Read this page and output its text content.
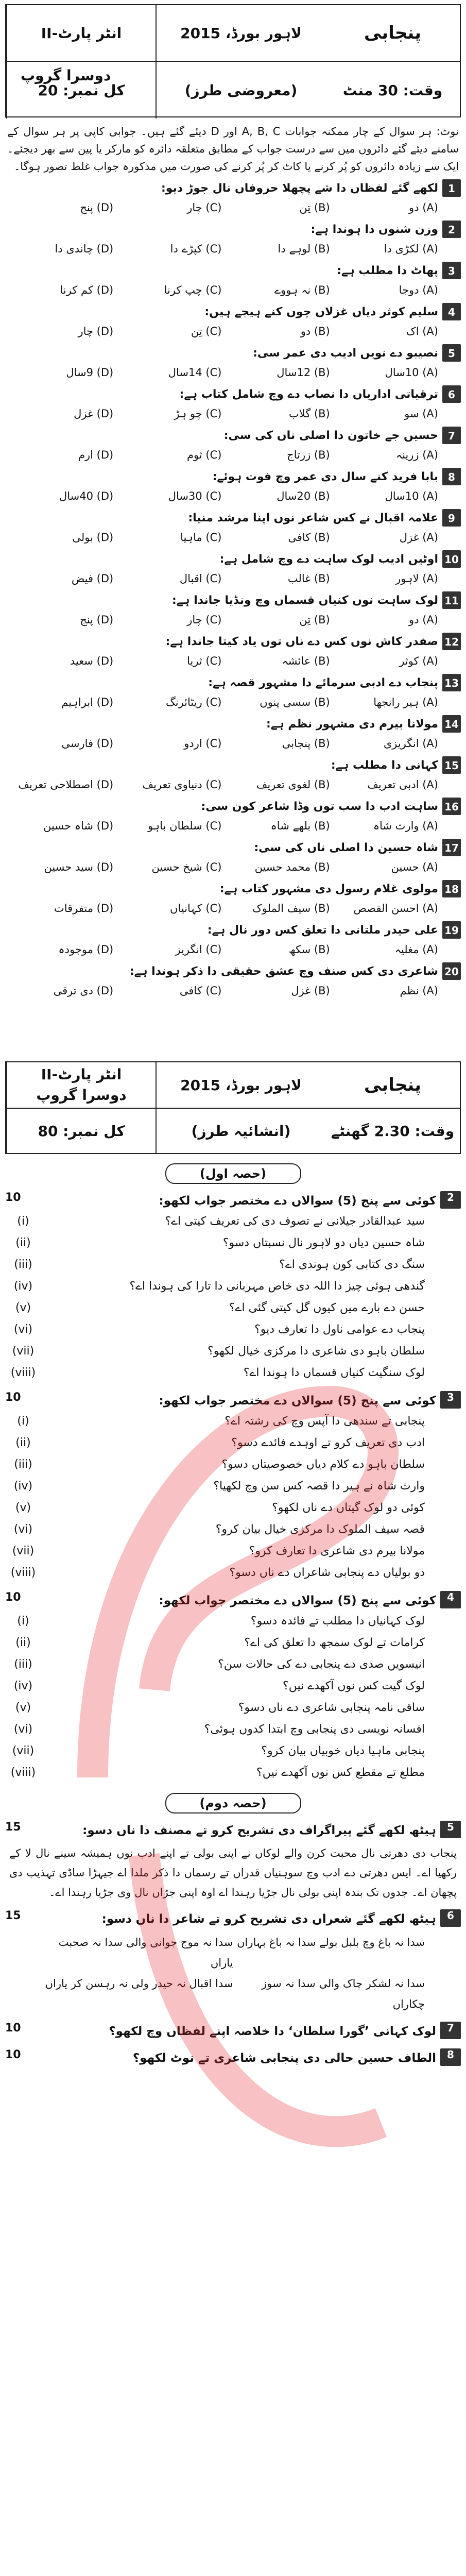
انٹر پارٹ-II
کل نمبر: 20
لاہور بورڈ، 2015
(معروضی طرز)
پنجابی
وقت: 30 منٹ
دوسرا گروپ
نوٹ: ہر سوال کے چار ممکنہ جوابات A, B, C اور D دیئے گئے ہیں۔ جوابی کاپی پر ہر سوال کے سامنے دیئے گئے دائروں میں سے درست جواب کے مطابق متعلقہ دائرہ کو مارکر یا پین سے بھر دیجئے۔ ایک سے زیادہ دائروں کو پُر کرنے یا کاٹ کر پُر کرنے کی صورت میں مذکورہ جواب غلط تصور ہوگا۔
1
لکھے گئے لفظاں دا شے پچھلا حروفاں نال جوڑ دیو:
(A) دو
(B) تِن
(C) چار
(D) پنج
2
وزن شنوں دا ہوندا ہے:
(A) لکڑی دا
(B) لوہے دا
(C) کپڑے دا
(D) چاندی دا
3
پھاٹ دا مطلب ہے:
(A) دوجا
(B) نہ ہووے
(C) چپ کرنا
(D) کم کرنا
4
سلیم کوثر دیاں غزلاں چوں کنے ہیجے ہیں:
(A) اک
(B) دو
(C) تِن
(D) چار
5
نصیبو دے نویں ادیب دی عمر سی:
(A) 10سال
(B) 12سال
(C) 14سال
(D) 9سال
6
ترقیاتی اداریاں دا نصاب دے وچ شامل کتاب ہے:
(A) سو
(B) گلاب
(C) چو ہڑ
(D) غزل
7
حسیں جے خاتون دا اصلی ناں کی سی:
(A) زرینہ
(B) زرتاج
(C) ثوم
(D) ارم
8
بابا فرید کنے سال دی عمر وچ فوت ہوئے:
(A) 10سال
(B) 20سال
(C) 30سال
(D) 40سال
9
علامہ اقبال نے کس شاعر نوں اپنا مرشد منیا:
(A) غزل
(B) کافی
(C) ماہیا
(D) بولی
10
اوٹیں ادیب لوک ساہت دے وچ شامل ہے:
(A) لاہور
(B) غالب
(C) اقبال
(D) فیض
11
لوک ساہت نوں کنیاں قسماں وچ ونڈیا جاندا ہے:
(A) دو
(B) تِن
(C) چار
(D) پنج
12
صفدر کاش نوں کس دے ناں توں یاد کیتا جاندا ہے:
(A) کوثر
(B) عائشہ
(C) ثریا
(D) سعید
13
پنجاب دے ادبی سرمائے دا مشہور قصہ ہے:
(A) ہیر رانجھا
(B) سسی پنوں
(C) ریٹائرنگ
(D) ابراہیم
14
مولانا بیرم دی مشہور نظم ہے:
(A) انگریزی
(B) پنجابی
(C) اردو
(D) فارسی
15
کہانی دا مطلب ہے:
(A) ادبی تعریف
(B) لغوی تعریف
(C) دنیاوی تعریف
(D) اصطلاحی تعریف
16
ساہت ادب دا سب توں وڈا شاعر کون سی:
(A) وارث شاہ
(B) بلھے شاہ
(C) سلطان باہو
(D) شاہ حسین
17
شاہ حسین دا اصلی ناں کی سی:
(A) حسین
(B) محمد حسین
(C) شیخ حسین
(D) سید حسین
18
مولوی غلام رسول دی مشہور کتاب ہے:
(A) احسن القصص
(B) سیف الملوک
(C) کہانیاں
(D) متفرقات
19
علی حیدر ملتانی دا تعلق کس دور نال ہے:
(A) مغلیہ
(B) سکھ
(C) انگریز
(D) موجودہ
20
شاعری دی کس صنف وچ عشق حقیقی دا ذکر ہوندا ہے:
(A) نظم
(B) غزل
(C) کافی
(D) دی ترقی
انٹر پارٹ-II
دوسرا گروپ
کل نمبر: 80
لاہور بورڈ، 2015
(انشائیہ طرز)
پنجابی
وقت: 2.30 گھنٹے
(حصہ اول)
2
کوئی سے پنج (5) سوالاں دے مختصر جواب لکھو:
10
سید عبدالقادر جیلانی نے تصوف دی کی تعریف کیتی اے؟
(i)
شاہ حسین دیاں دو لاہور نال نسبتاں دسو؟
(ii)
سنگ دی کتابی کون ہوندی اے؟
(iii)
گندھی ہوئی چیز دا اللہ دی خاص مہربانی دا تارا کی ہوندا اے؟
(iv)
حسن دے بارے میں کیوں گل کیتی گئی اے؟
(v)
پنجاب دے عوامی ناول دا تعارف دیو؟
(vi)
سلطان باہو دی شاعری دا مرکزی خیال لکھو؟
(vii)
لوک سنگیت کنیاں قسماں دا ہوندا اے؟
(viii)
3
کوئی سے پنج (5) سوالاں دے مختصر جواب لکھو:
10
پنجابی تے سندھی دا آپس وچ کی رشتہ اے؟
(i)
ادب دی تعریف کرو تے اوہدے فائدے دسو؟
(ii)
سلطان باہو دے کلام دیاں خصوصیتاں دسو؟
(iii)
وارث شاہ نے ہیر دا قصہ کس سن وچ لکھیا؟
(iv)
کوئی دو لوک گیتاں دے ناں لکھو؟
(v)
قصہ سیف الملوک دا مرکزی خیال بیان کرو؟
(vi)
مولانا بیرم دی شاعری دا تعارف کرو؟
(vii)
دو بولیاں دے پنجابی شاعراں دے ناں دسو؟
(viii)
4
کوئی سے پنج (5) سوالاں دے مختصر جواب لکھو:
10
لوک کہانیاں دا مطلب تے فائدہ دسو؟
(i)
کرامات تے لوک سمجھ دا تعلق کی اے؟
(ii)
انیسویں صدی دے پنجابی دے کی حالات سن؟
(iii)
لوک گیت کس نوں آکھدے نیں؟
(iv)
ساقی نامہ پنجابی شاعری دے ناں دسو؟
(v)
افسانہ نویسی دی پنجابی وچ ابتدا کدوں ہوئی؟
(vi)
پنجابی ماہیا دیاں خوبیاں بیان کرو؟
(vii)
مطلع تے مقطع کس نوں آکھدے نیں؟
(viii)
(حصہ دوم)
5
ہیٹھ لکھے گئے پیراگراف دی تشریح کرو تے مصنف دا ناں دسو:
15
پنجاب دی دھرتی نال محبت کرن والے لوکاں نے اپنی بولی تے اپنے ادب نوں ہمیشہ سینے نال لا کے رکھیا اے۔ ایس دھرتی دے ادب وچ سوہنیاں قدراں تے رسماں دا ذکر ملدا اے جیہڑا ساڈی تہذیب دی پچھان اے۔ جدوں تک بندہ اپنی بولی نال جڑیا رہندا اے اوہ اپنی جڑاں نال وی جڑیا رہندا اے۔
6
ہیٹھ لکھے گئے شعراں دی تشریح کرو تے شاعر دا ناں دسو:
15
سدا نہ باغ وچ بلبل بولے سدا نہ باغ بہاراں
سدا نہ موج جوانی والی سدا نہ صحبت یاراں
سدا نہ لشکر چاک والی سدا نہ سوز چکاراں
سدا اقبال نہ حیدر ولی نہ رہسن کر یاراں
7
لوک کہانی ’گورا سلطان‘ دا خلاصہ اپنے لفظاں وچ لکھو؟
10
8
الطاف حسین حالی دی پنجابی شاعری تے نوٹ لکھو؟
10
